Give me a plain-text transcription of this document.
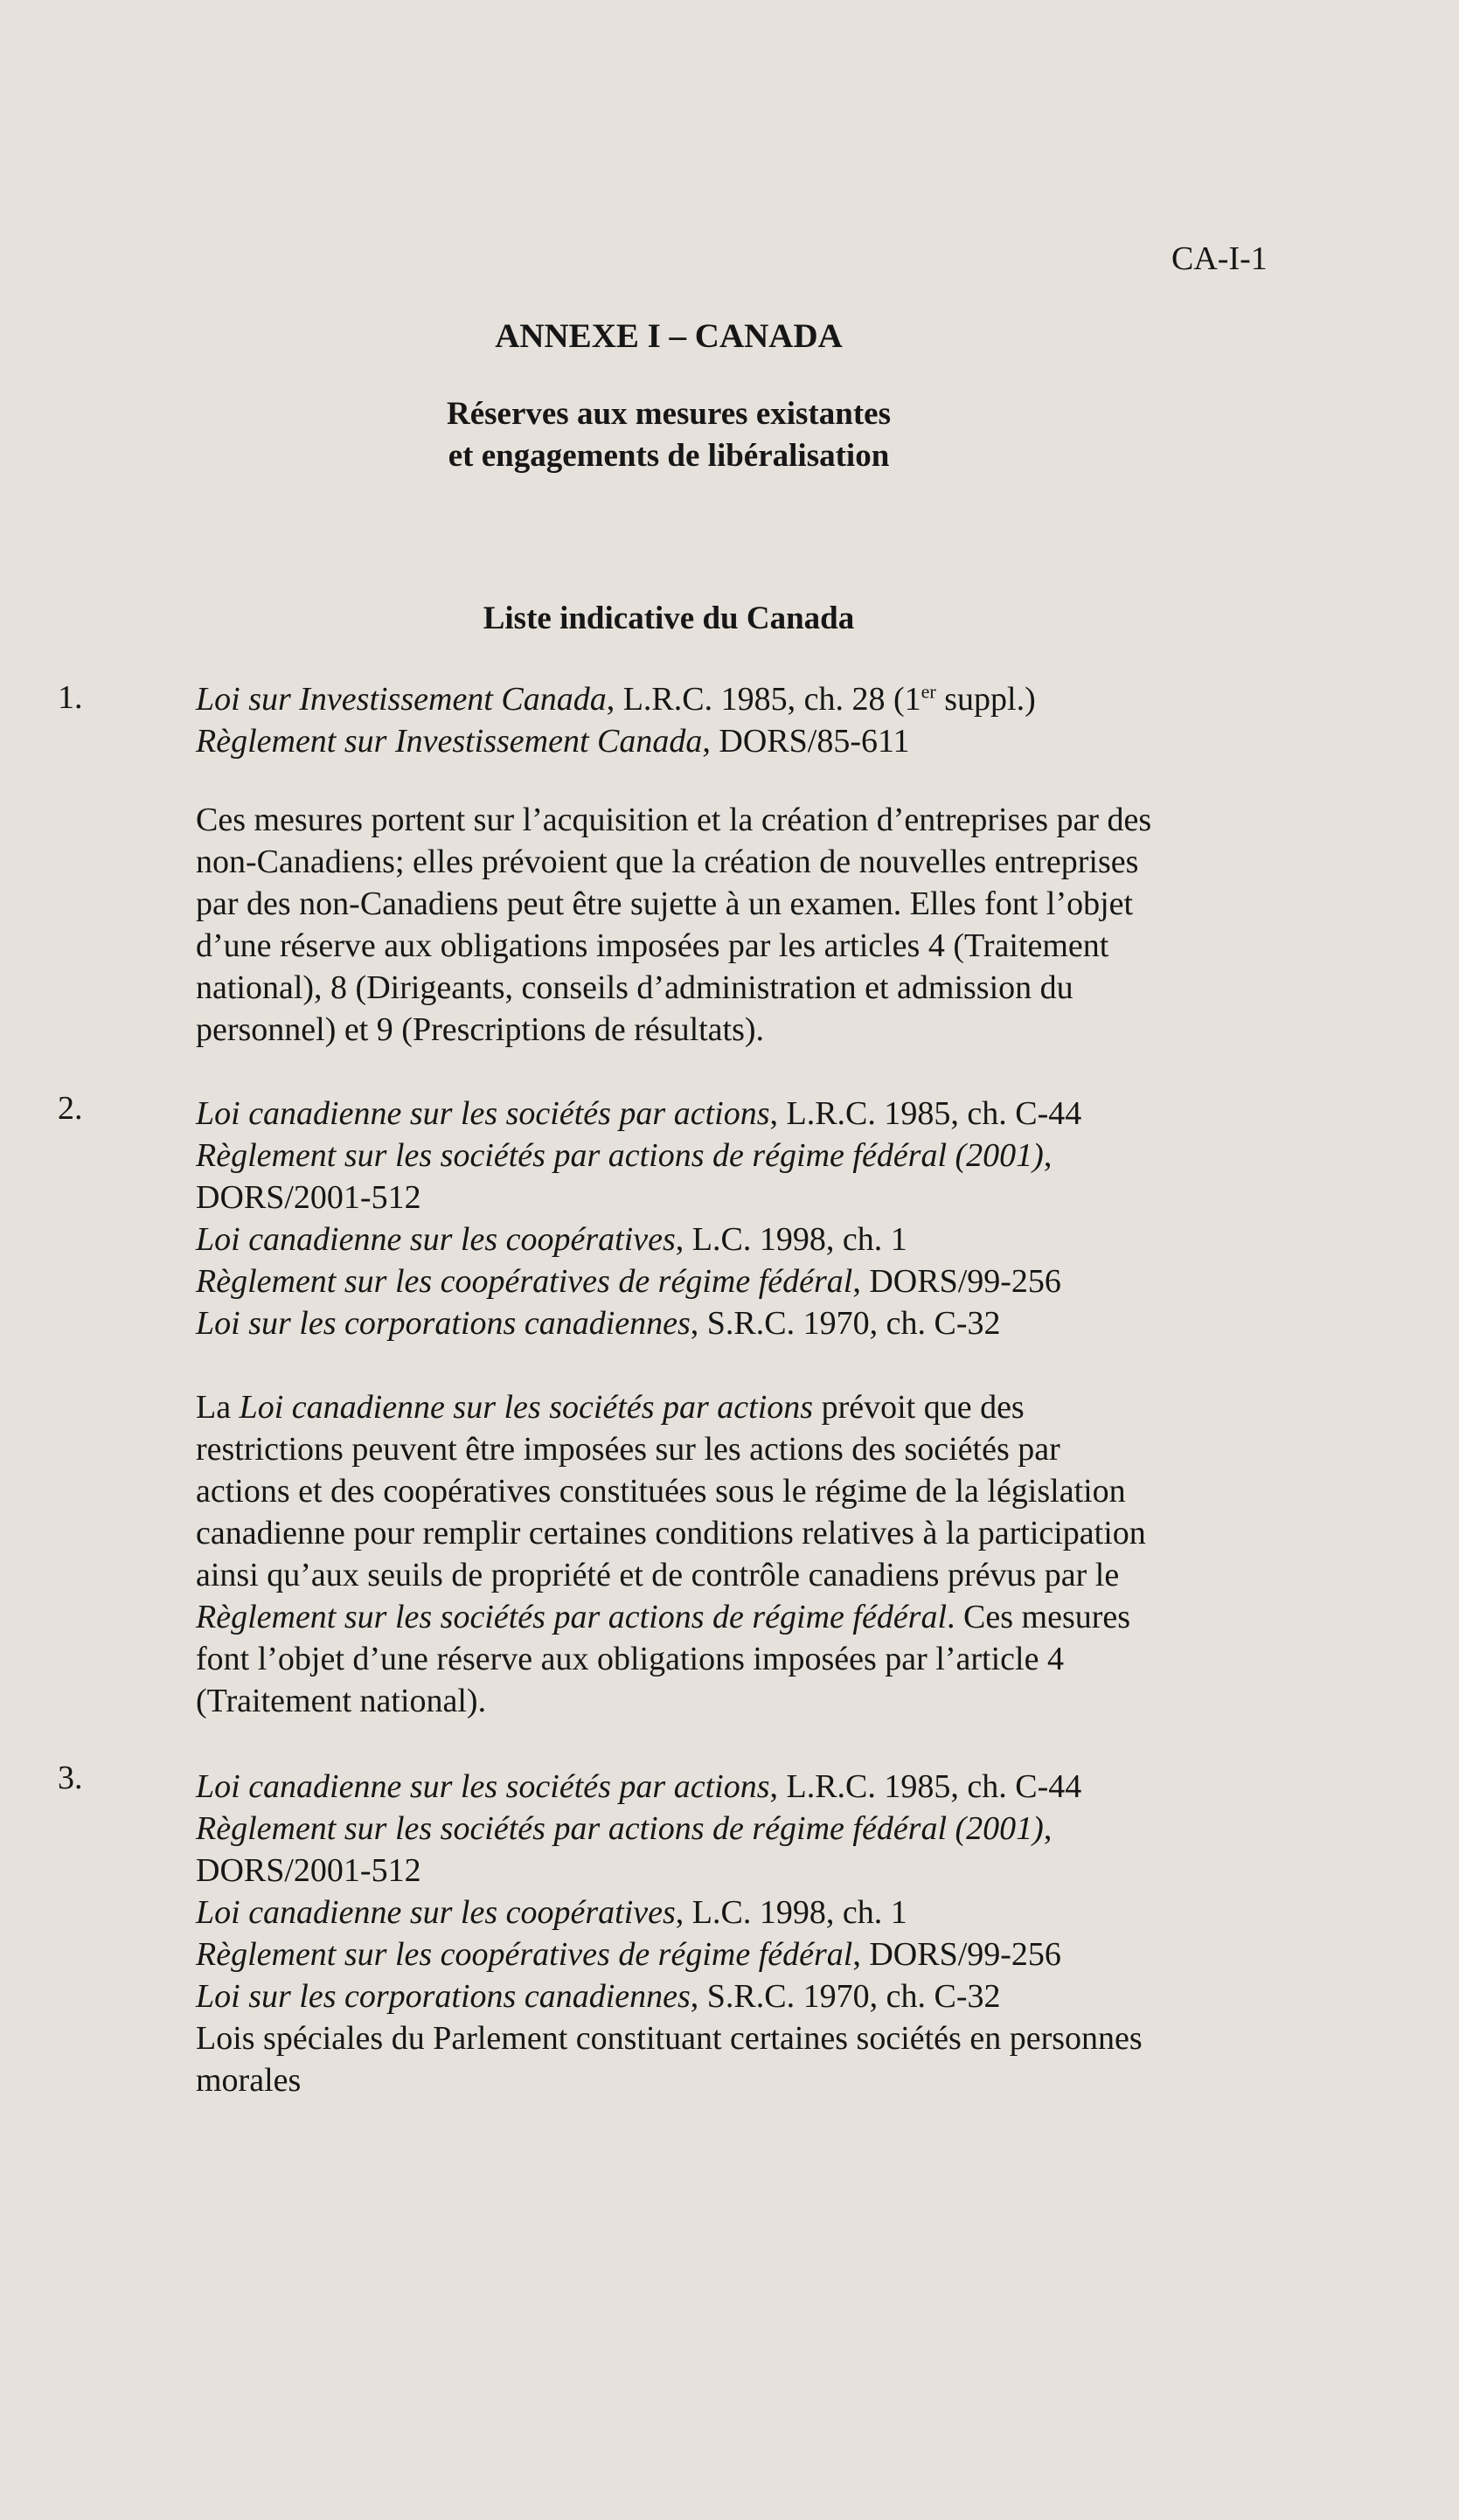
CA-I-1
ANNEXE I – CANADA
Réserves aux mesures existantes
et engagements de libéralisation
Liste indicative du Canada
1.	Loi sur Investissement Canada, L.R.C. 1985, ch. 28 (1er suppl.)
Règlement sur Investissement Canada, DORS/85-611
Ces mesures portent sur l’acquisition et la création d’entreprises par des
non-Canadiens; elles prévoient que la création de nouvelles entreprises
par des non-Canadiens peut être sujette à un examen. Elles font l’objet
d’une réserve aux obligations imposées par les articles 4 (Traitement
national), 8 (Dirigeants, conseils d’administration et admission du
personnel) et 9 (Prescriptions de résultats).
2.	Loi canadienne sur les sociétés par actions, L.R.C. 1985, ch. C-44
Règlement sur les sociétés par actions de régime fédéral (2001),
DORS/2001-512
Loi canadienne sur les coopératives, L.C. 1998, ch. 1
Règlement sur les coopératives de régime fédéral, DORS/99-256
Loi sur les corporations canadiennes, S.R.C. 1970, ch. C-32
La Loi canadienne sur les sociétés par actions prévoit que des
restrictions peuvent être imposées sur les actions des sociétés par
actions et des coopératives constituées sous le régime de la législation
canadienne pour remplir certaines conditions relatives à la participation
ainsi qu’aux seuils de propriété et de contrôle canadiens prévus par le
Règlement sur les sociétés par actions de régime fédéral. Ces mesures
font l’objet d’une réserve aux obligations imposées par l’article 4
(Traitement national).
3.	Loi canadienne sur les sociétés par actions, L.R.C. 1985, ch. C-44
Règlement sur les sociétés par actions de régime fédéral (2001),
DORS/2001-512
Loi canadienne sur les coopératives, L.C. 1998, ch. 1
Règlement sur les coopératives de régime fédéral, DORS/99-256
Loi sur les corporations canadiennes, S.R.C. 1970, ch. C-32
Lois spéciales du Parlement constituant certaines sociétés en personnes
morales
